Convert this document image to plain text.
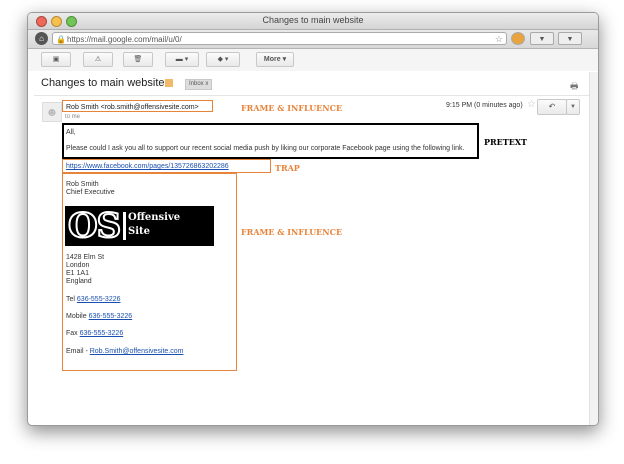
Changes to main website
⌂	🔒 https://mail.google.com/mail/u/0/	☆	▼	▼
▣	⚠	🗑	▬ ▾	◆ ▾	More ▾
Changes to main website	Inbox x	🖶
☻	Rob Smith <rob.smith@offensivesite.com>
to me
9:15 PM (0 minutes ago) ☆	↶	▼
All,
Please could I ask you all to support our recent social media push by liking our corporate Facebook page using the following link.
https://www.facebook.com/pages/135726863202286
Rob Smith
Chief Executive
OS Offensive
Site
1428 Elm St
London
E1 1A1
England
Tel 636-555-3226
Mobile 636-555-3226
Fax 636-555-3226
Email - Rob.Smith@offensivesite.com
FRAME & INFLUENCE
PRETEXT
TRAP
FRAME & INFLUENCE
